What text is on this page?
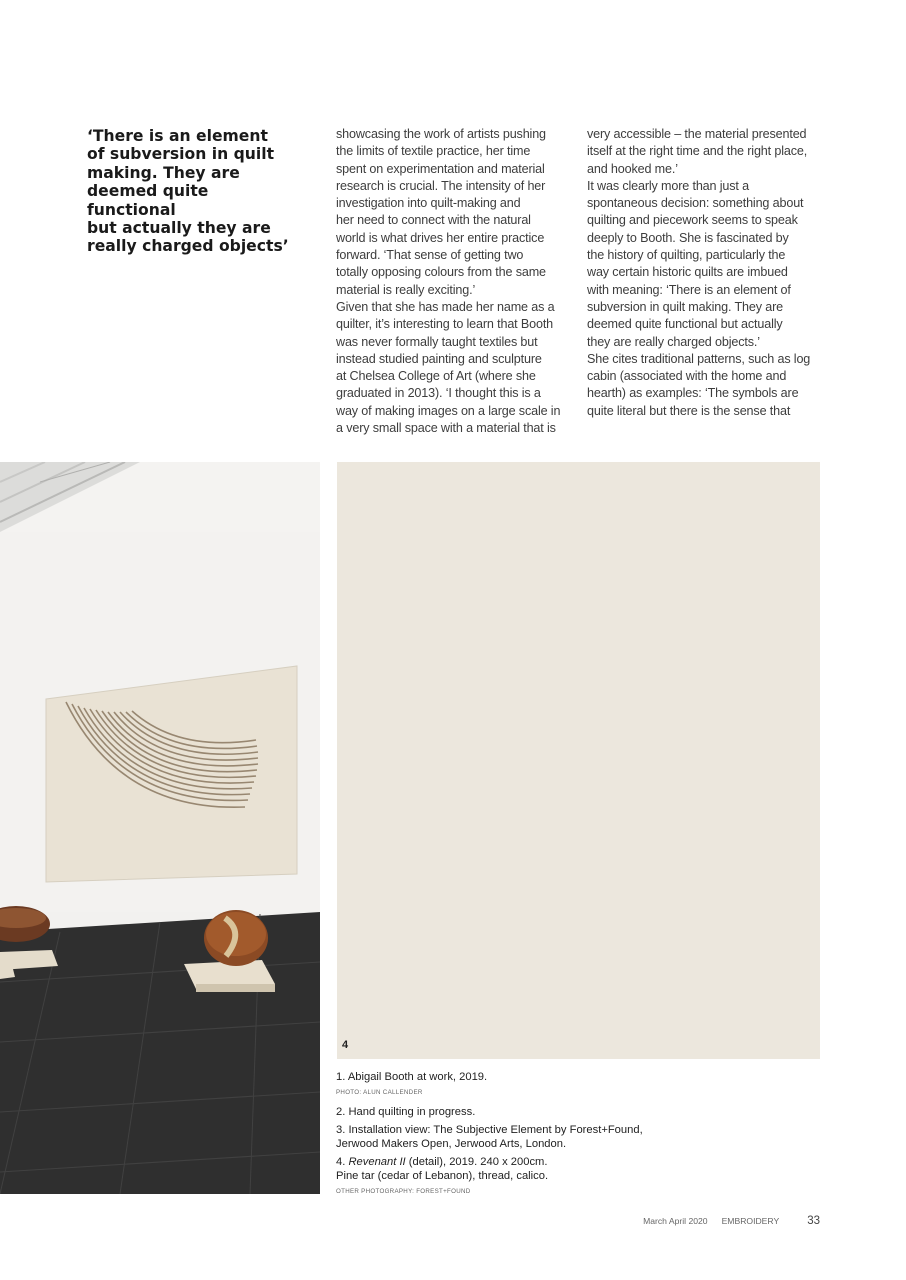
‘There is an element
of subversion in quilt
making. They are
deemed quite functional
but actually they are
really charged objects’

showcasing the work of artists pushing

the limits of textile practice, her time

spent on experimentation and material

research is crucial. The intensity of her

investigation into quilt-making and

her need to connect with the natural

world is what drives her entire practice

forward. ‘That sense of getting two

totally opposing colours from the same

material is really exciting.’

Given that she has made her name as a

quilter, it’s interesting to learn that Booth

was never formally taught textiles but

instead studied painting and sculpture

at Chelsea College of Art (where she

graduated in 2013). ‘I thought this is a

way of making images on a large scale in

a very small space with a material that is

very accessible – the material presented

itself at the right time and the right place,

and hooked me.’

It was clearly more than just a

spontaneous decision: something about

quilting and piecework seems to speak

deeply to Booth. She is fascinated by

the history of quilting, particularly the

way certain historic quilts are imbued

with meaning: ‘There is an element of

subversion in quilt making. They are

deemed quite functional but actually

they are really charged objects.’

She cites traditional patterns, such as log

cabin (associated with the home and

hearth) as examples: ‘The symbols are

quite literal but there is the sense that

4

1. Abigail Booth at work, 2019.

PHOTO: ALUN CALLENDER

2. Hand quilting in progress.

3. Installation view: The Subjective Element by Forest+Found,

Jerwood Makers Open, Jerwood Arts, London.

4. Revenant II (detail), 2019. 240 x 200cm.

Pine tar (cedar of Lebanon), thread, calico.

OTHER PHOTOGRAPHY: FOREST+FOUND

March April 2020 EMBROIDERY 33
